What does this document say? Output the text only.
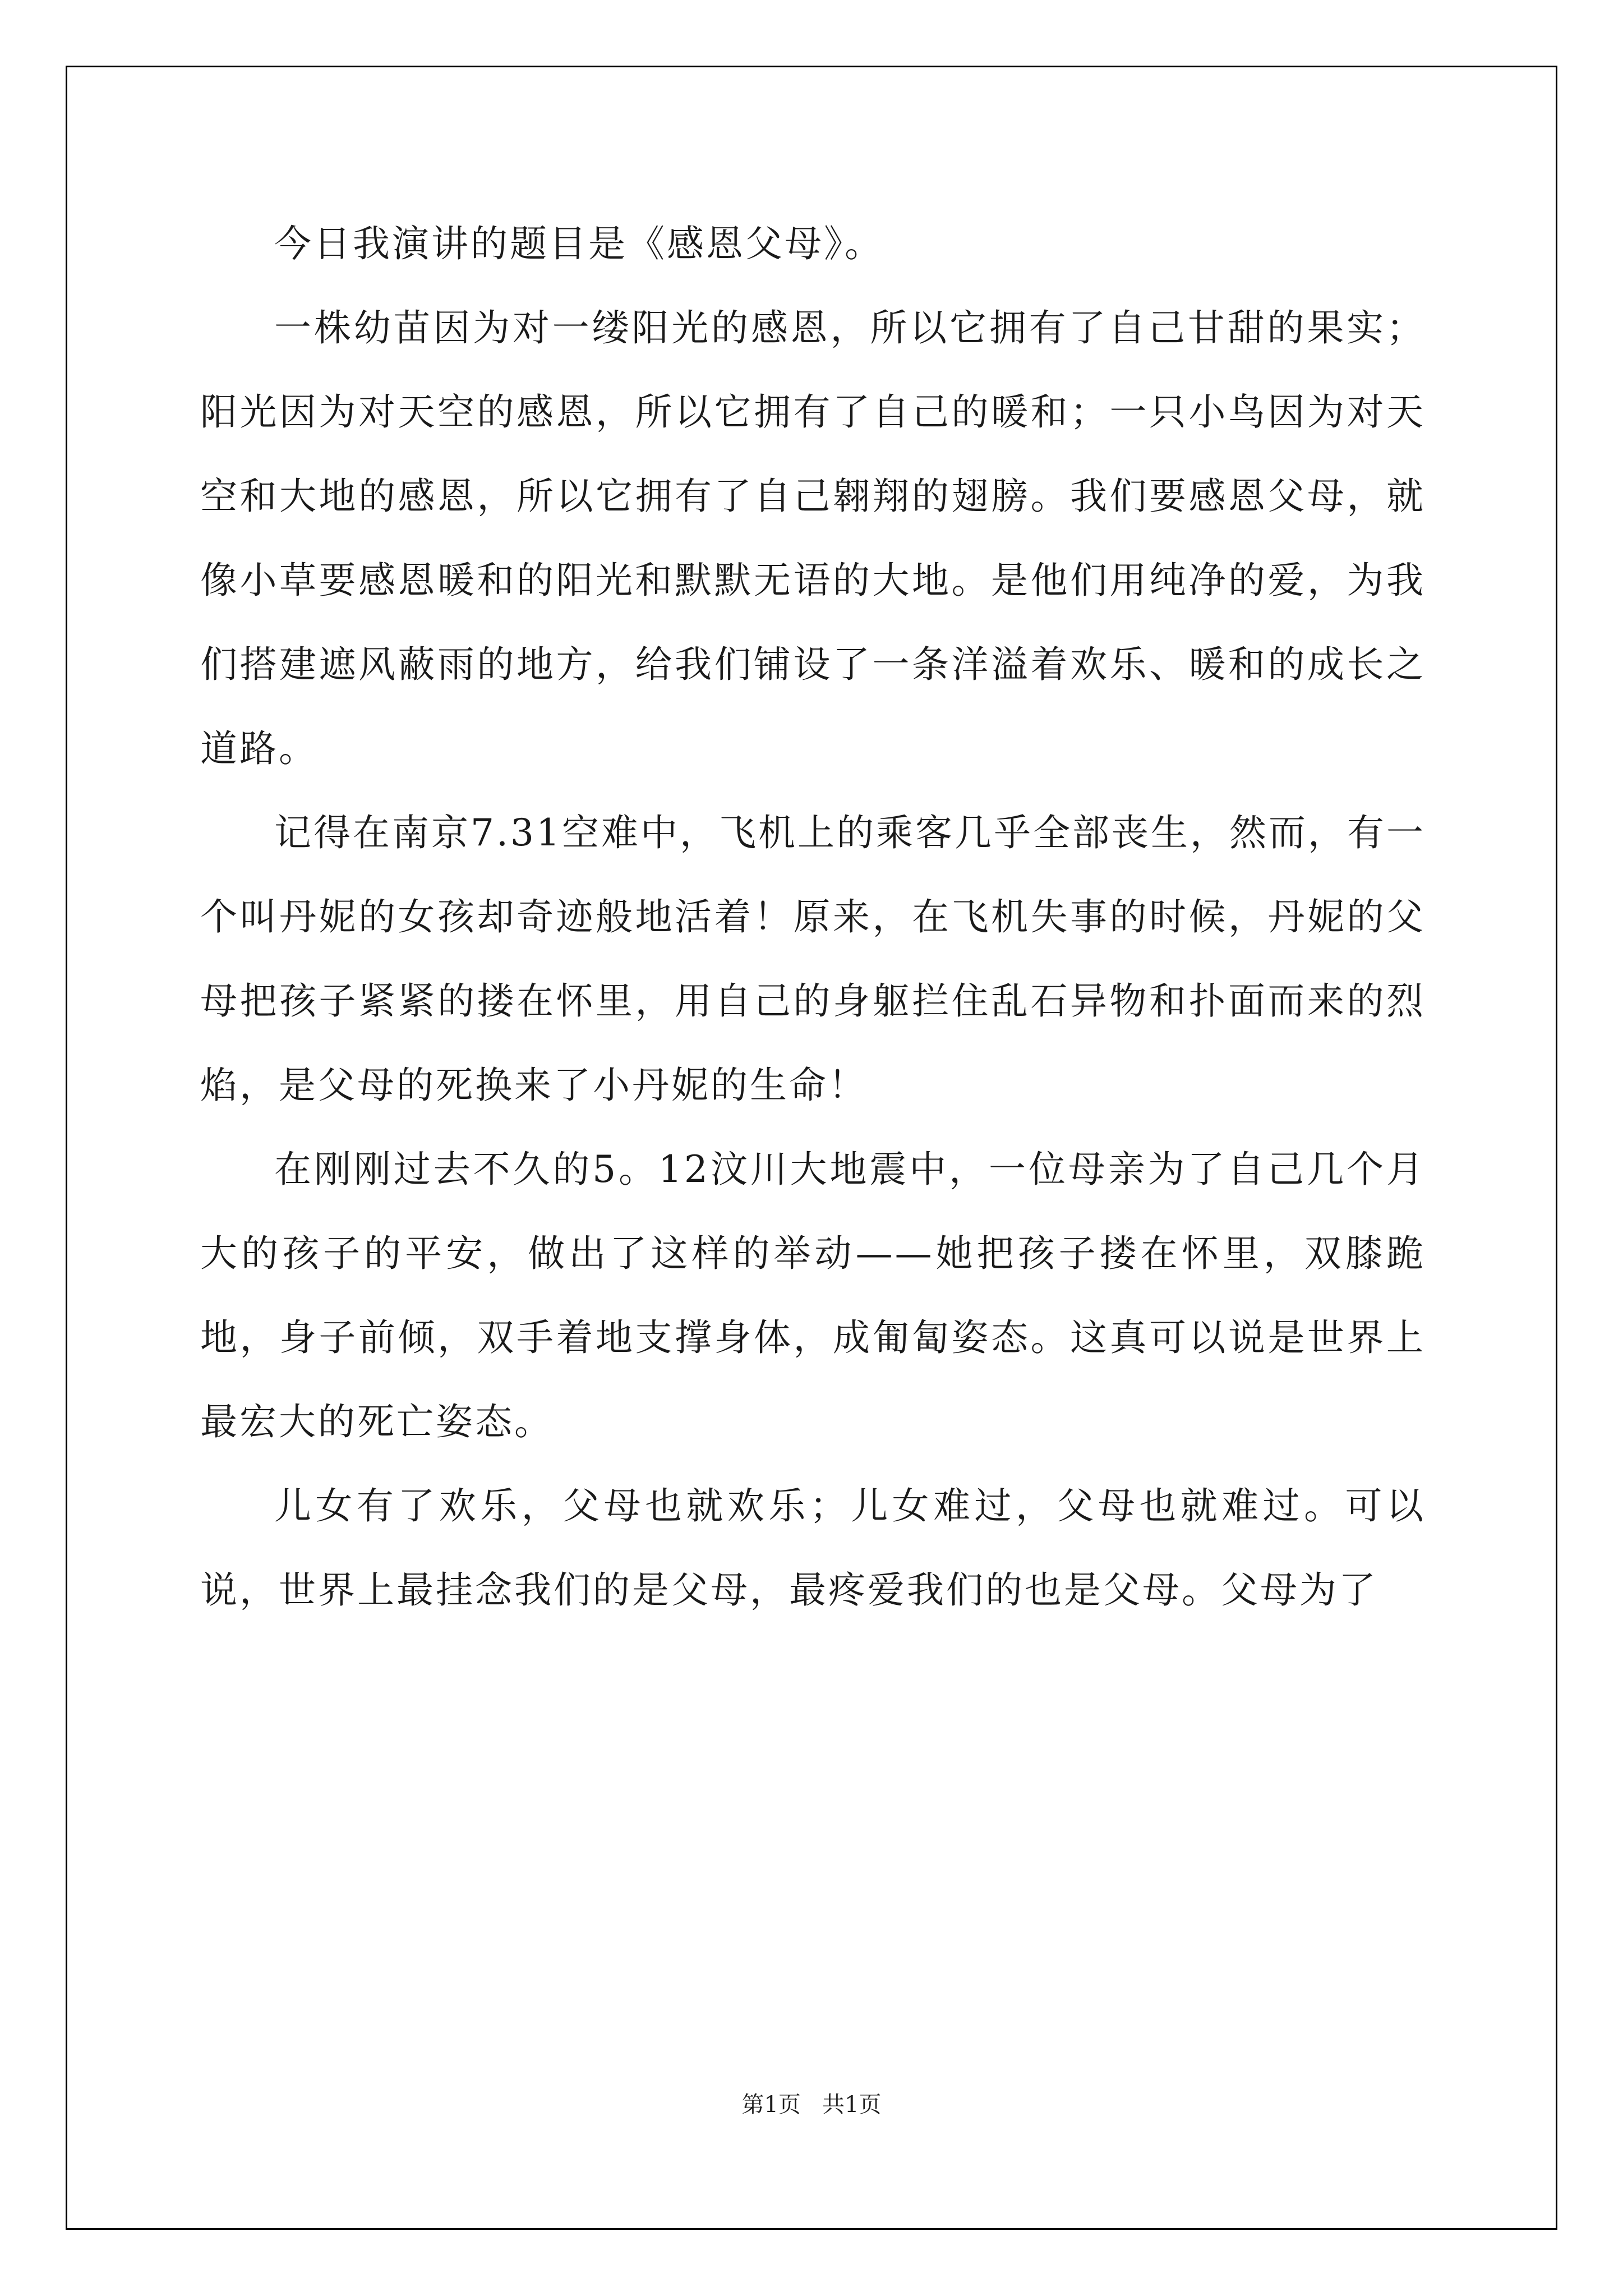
今日我演讲的题目是《感恩父母》。

一株幼苗因为对一缕阳光的感恩，所以它拥有了自己甘甜的果实；阳光因为对天空的感恩，所以它拥有了自己的暖和；一只小鸟因为对天空和大地的感恩，所以它拥有了自己翱翔的翅膀。我们要感恩父母，就像小草要感恩暖和的阳光和默默无语的大地。是他们用纯净的爱，为我们搭建遮风蔽雨的地方，给我们铺设了一条洋溢着欢乐、暖和的成长之道路。

记得在南京7.31空难中，飞机上的乘客几乎全部丧生，然而，有一个叫丹妮的女孩却奇迹般地活着！原来，在飞机失事的时候，丹妮的父母把孩子紧紧的搂在怀里，用自己的身躯拦住乱石异物和扑面而来的烈焰，是父母的死换来了小丹妮的生命！

在刚刚过去不久的5。12汶川大地震中，一位母亲为了自己几个月大的孩子的平安，做出了这样的举动——她把孩子搂在怀里，双膝跪地，身子前倾，双手着地支撑身体，成匍匐姿态。这真可以说是世界上最宏大的死亡姿态。

儿女有了欢乐，父母也就欢乐；儿女难过，父母也就难过。可以说，世界上最挂念我们的是父母，最疼爱我们的也是父母。父母为了

第1页   共1页
